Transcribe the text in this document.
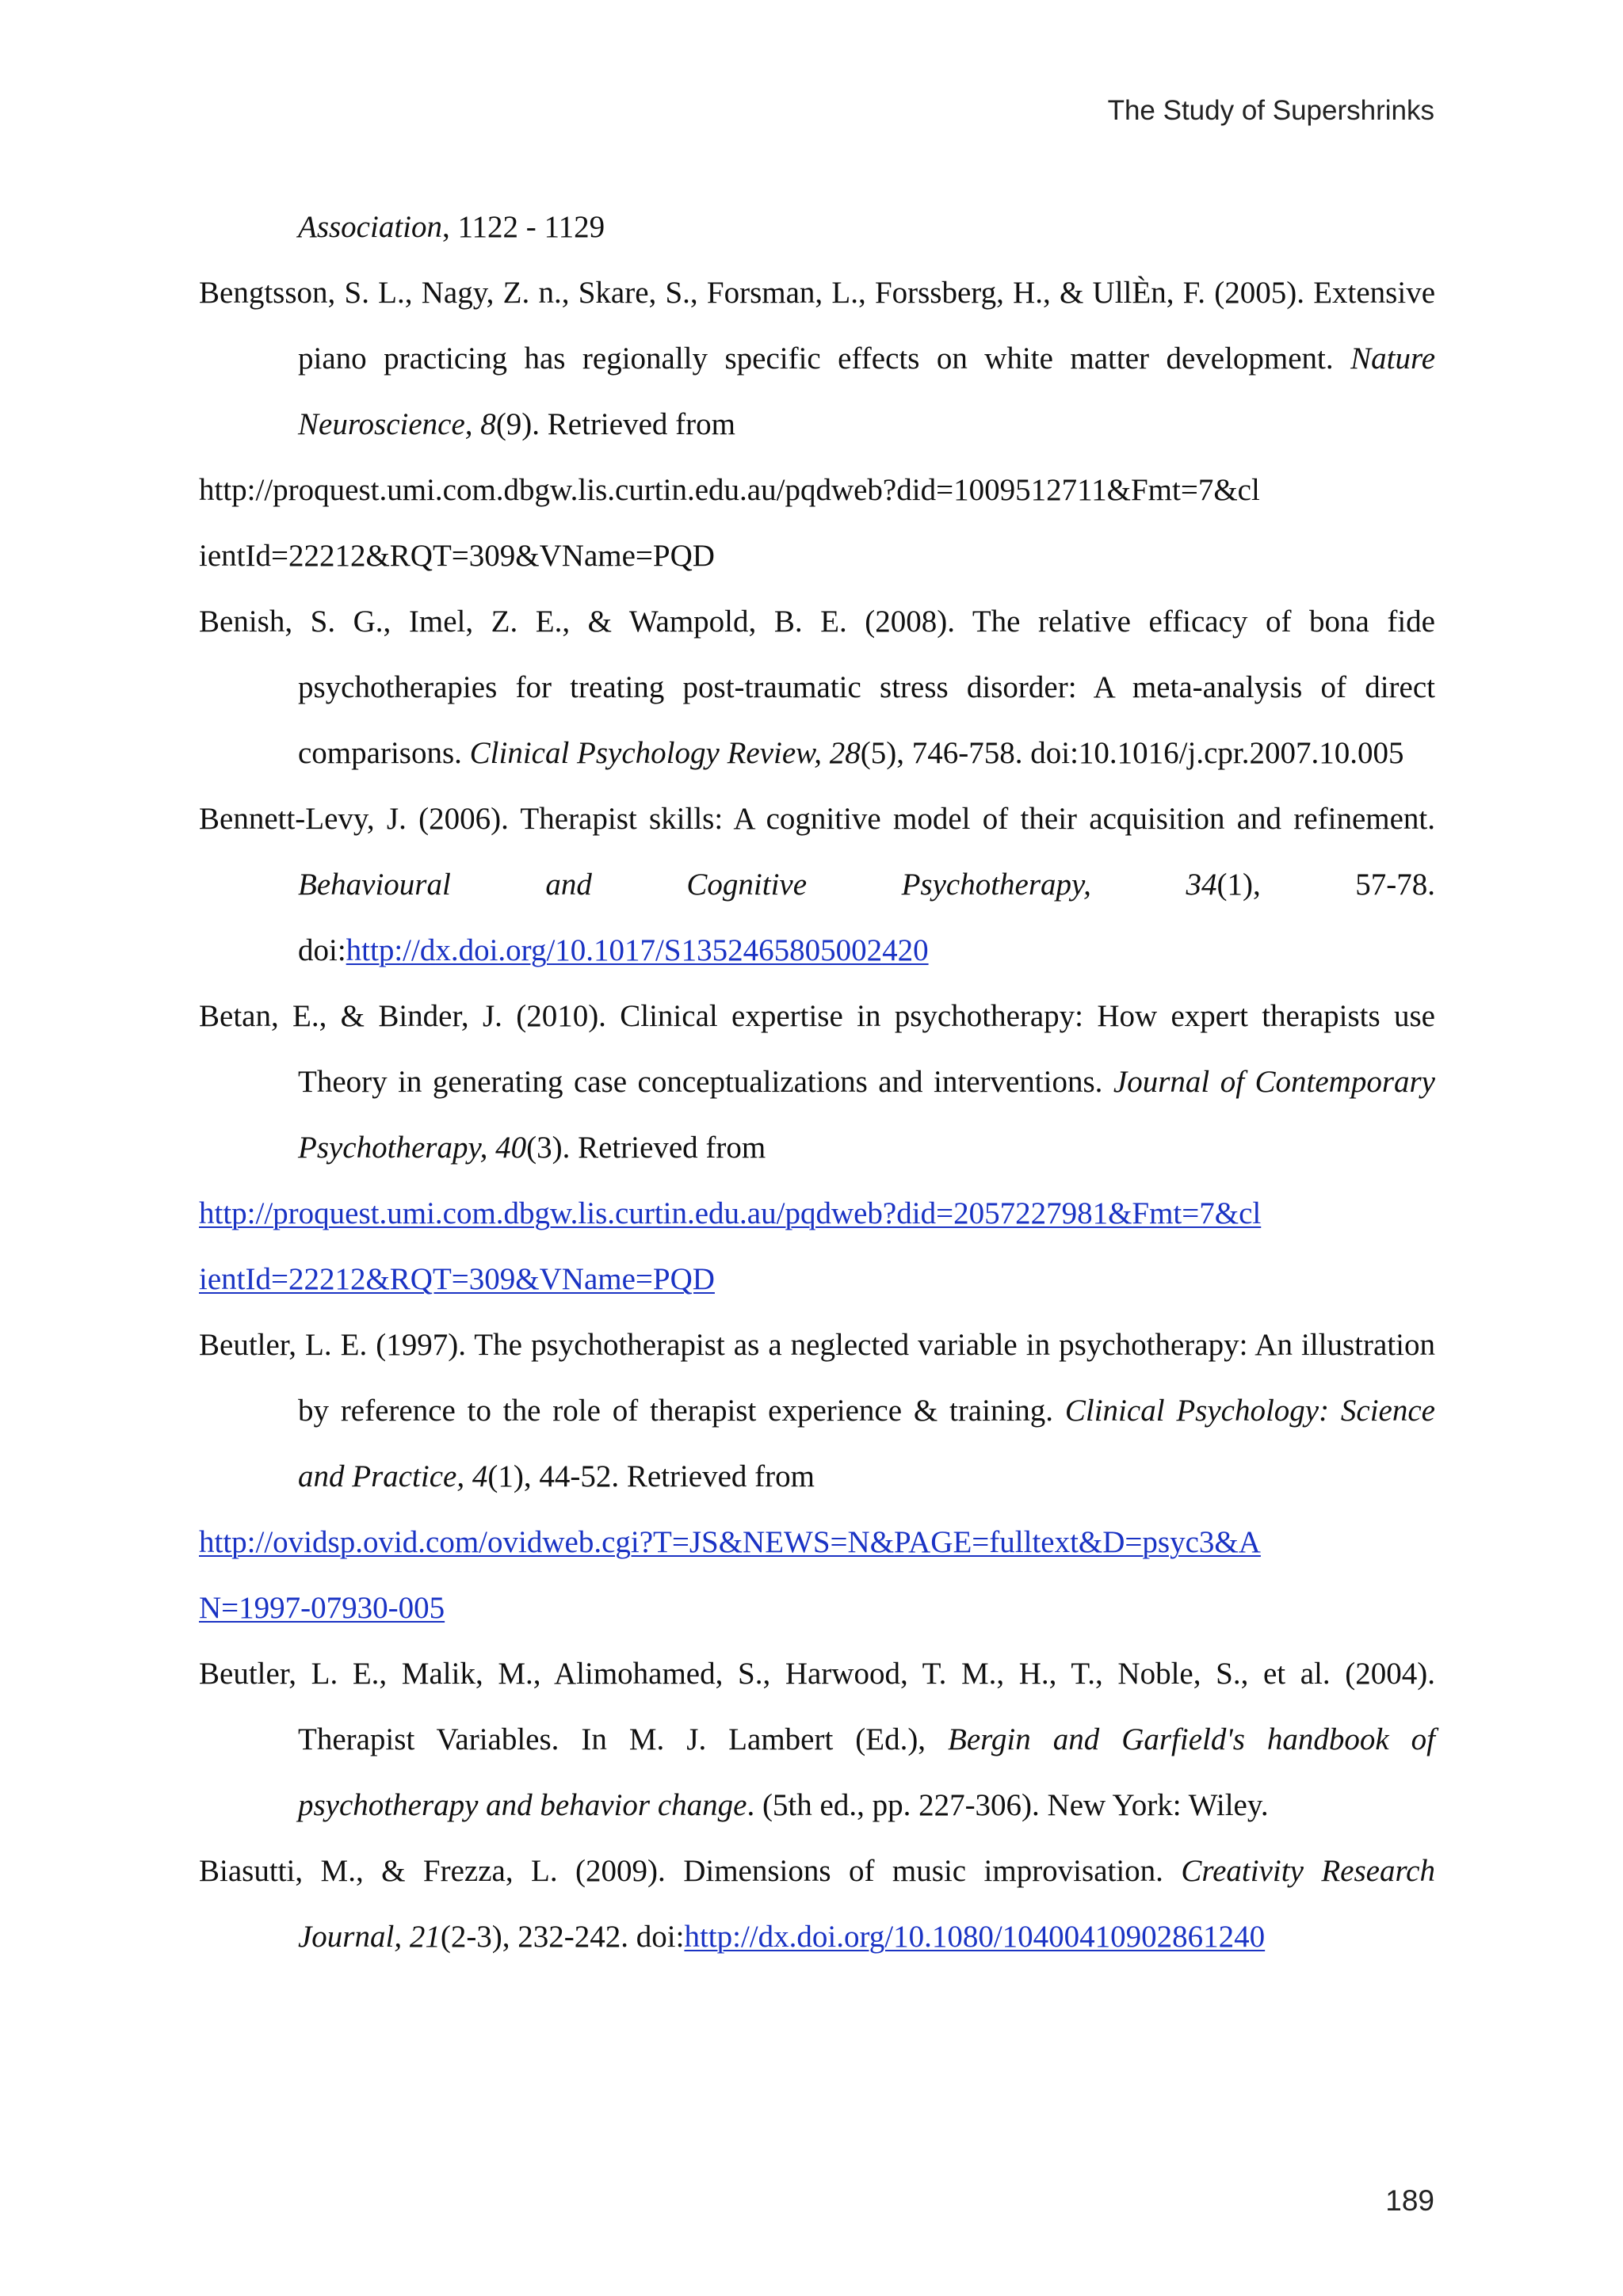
The Study of Supershrinks

Association, 1122 - 1129

Bengtsson, S. L., Nagy, Z. n., Skare, S., Forsman, L., Forssberg, H., & UllÈn, F. (2005). Extensive piano practicing has regionally specific effects on white matter development. Nature Neuroscience, 8(9). Retrieved from
http://proquest.umi.com.dbgw.lis.curtin.edu.au/pqdweb?did=1009512711&Fmt=7&cl
ientId=22212&RQT=309&VName=PQD

Benish, S. G., Imel, Z. E., & Wampold, B. E. (2008). The relative efficacy of bona fide psychotherapies for treating post-traumatic stress disorder: A meta-analysis of direct comparisons. Clinical Psychology Review, 28(5), 746-758. doi:10.1016/j.cpr.2007.10.005

Bennett-Levy, J. (2006). Therapist skills: A cognitive model of their acquisition and refinement. Behavioural and Cognitive Psychotherapy, 34(1), 57-78. doi:http://dx.doi.org/10.1017/S1352465805002420

Betan, E., & Binder, J. (2010). Clinical expertise in psychotherapy: How expert therapists use Theory in generating case conceptualizations and interventions. Journal of Contemporary Psychotherapy, 40(3). Retrieved from
http://proquest.umi.com.dbgw.lis.curtin.edu.au/pqdweb?did=2057227981&Fmt=7&cl
ientId=22212&RQT=309&VName=PQD

Beutler, L. E. (1997). The psychotherapist as a neglected variable in psychotherapy: An illustration by reference to the role of therapist experience & training. Clinical Psychology: Science and Practice, 4(1), 44-52. Retrieved from
http://ovidsp.ovid.com/ovidweb.cgi?T=JS&NEWS=N&PAGE=fulltext&D=psyc3&A
N=1997-07930-005

Beutler, L. E., Malik, M., Alimohamed, S., Harwood, T. M., H., T., Noble, S., et al. (2004). Therapist Variables. In M. J. Lambert (Ed.), Bergin and Garfield's handbook of psychotherapy and behavior change. (5th ed., pp. 227-306). New York: Wiley.

Biasutti, M., & Frezza, L. (2009). Dimensions of music improvisation. Creativity Research Journal, 21(2-3), 232-242. doi:http://dx.doi.org/10.1080/10400410902861240

189
